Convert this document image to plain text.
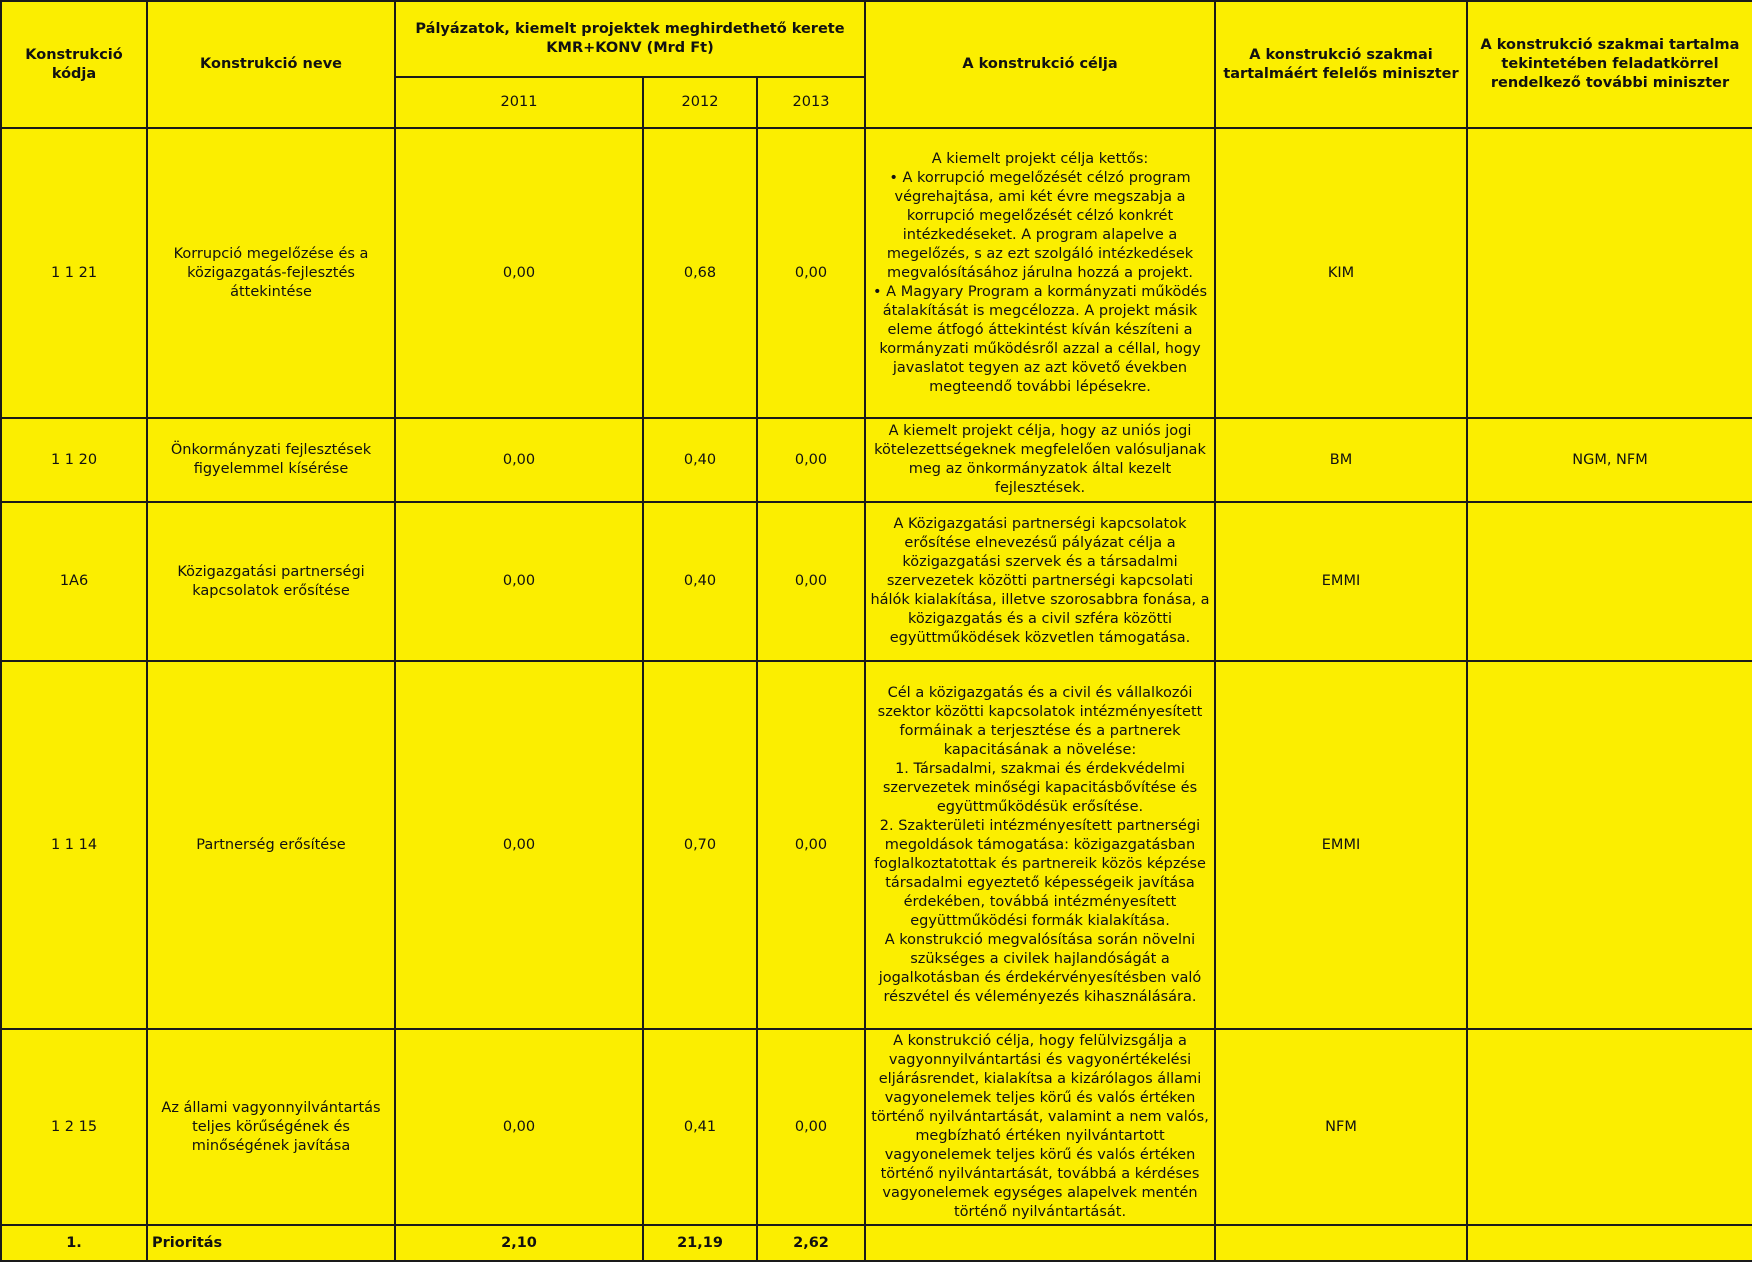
Konstrukció kódja	Konstrukció neve	Pályázatok, kiemelt projektek meghirdethető kerete KMR+KONV (Mrd Ft)			A konstrukció célja	A konstrukció szakmai tartalmáért felelős miniszter	A konstrukció szakmai tartalma tekintetében feladatkörrel rendelkező további miniszter
		2011	2012	2013			
1 1 21	Korrupció megelőzése és a közigazgatás-fejlesztés áttekintése	0,00	0,68	0,00	A kiemelt projekt célja kettős:
• A korrupció megelőzését célzó program végrehajtása, ami két évre megszabja a korrupció megelőzését célzó konkrét intézkedéseket. A program alapelve a megelőzés, s az ezt szolgáló intézkedések megvalósításához járulna hozzá a projekt.
• A Magyary Program a kormányzati működés átalakítását is megcélozza. A projekt másik eleme átfogó áttekintést kíván készíteni a kormányzati működésről azzal a céllal, hogy javaslatot tegyen az azt követő években megteendő további lépésekre.	KIM	
1 1 20	Önkormányzati fejlesztések figyelemmel kísérése	0,00	0,40	0,00	A kiemelt projekt célja, hogy az uniós jogi kötelezettségeknek megfelelően valósuljanak meg az önkormányzatok által kezelt fejlesztések.	BM	NGM, NFM
1A6	Közigazgatási partnerségi kapcsolatok erősítése	0,00	0,40	0,00	A Közigazgatási partnerségi kapcsolatok erősítése elnevezésű pályázat célja a közigazgatási szervek és a társadalmi szervezetek közötti partnerségi kapcsolati hálók kialakítása, illetve szorosabbra fonása, a közigazgatás és a civil szféra közötti együttműködések közvetlen támogatása.	EMMI	
1 1 14	Partnerség erősítése	0,00	0,70	0,00	Cél a közigazgatás és a civil és vállalkozói szektor közötti kapcsolatok intézményesített formáinak a terjesztése és a partnerek kapacitásának a növelése:
1. Társadalmi, szakmai és érdekvédelmi szervezetek minőségi kapacitásbővítése és együttműködésük erősítése.
2. Szakterületi intézményesített partnerségi megoldások támogatása: közigazgatásban foglalkoztatottak és partnereik közös képzése társadalmi egyeztető képességeik javítása érdekében, továbbá intézményesített együttműködési formák kialakítása.
A konstrukció megvalósítása során növelni szükséges a civilek hajlandóságát a jogalkotásban és érdekérvényesítésben való részvétel és véleményezés kihasználására.	EMMI	
1 2 15	Az állami vagyonnyilvántartás teljes körűségének és minőségének javítása	0,00	0,41	0,00	A konstrukció célja, hogy felülvizsgálja a vagyonnyilvántartási és vagyonértékelési eljárásrendet, kialakítsa a kizárólagos állami vagyonelemek teljes körű és valós értéken történő nyilvántartását, valamint a nem valós, megbízható értéken nyilvántartott vagyonelemek teljes körű és valós értéken történő nyilvántartását, továbbá a kérdéses vagyonelemek egységes alapelvek mentén történő nyilvántartását.	NFM	
1.	Prioritás	2,10	21,19	2,62			
